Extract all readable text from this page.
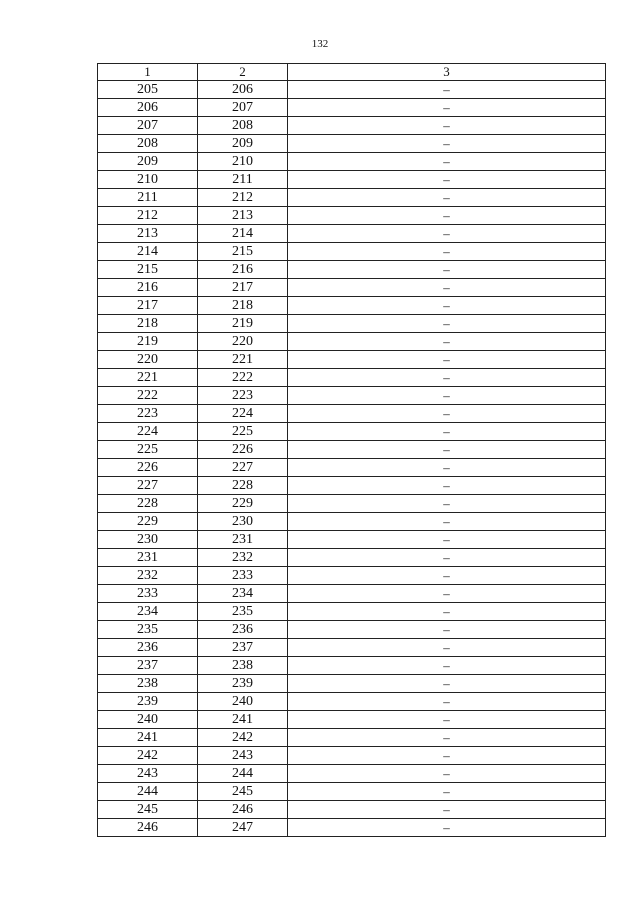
132
1	2	3
205	206	–
206	207	–
207	208	–
208	209	–
209	210	–
210	211	–
211	212	–
212	213	–
213	214	–
214	215	–
215	216	–
216	217	–
217	218	–
218	219	–
219	220	–
220	221	–
221	222	–
222	223	–
223	224	–
224	225	–
225	226	–
226	227	–
227	228	–
228	229	–
229	230	–
230	231	–
231	232	–
232	233	–
233	234	–
234	235	–
235	236	–
236	237	–
237	238	–
238	239	–
239	240	–
240	241	–
241	242	–
242	243	–
243	244	–
244	245	–
245	246	–
246	247	–
